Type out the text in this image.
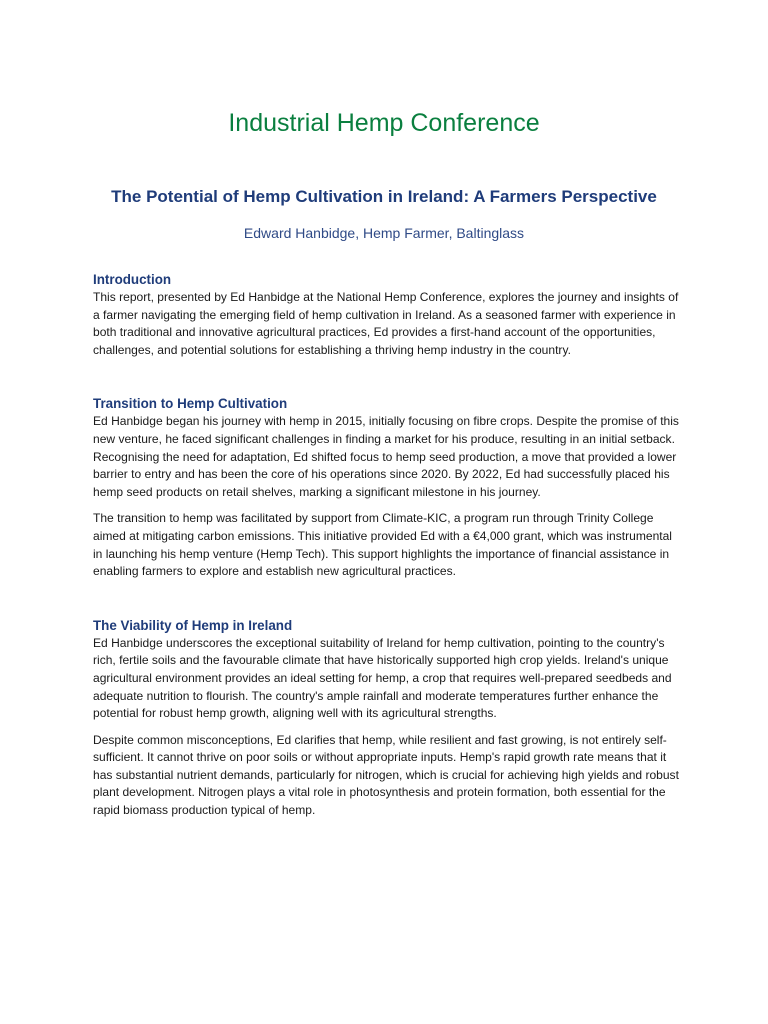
Industrial Hemp Conference
The Potential of Hemp Cultivation in Ireland: A Farmers Perspective
Edward Hanbidge, Hemp Farmer, Baltinglass
Introduction

This report, presented by Ed Hanbidge at the National Hemp Conference, explores the journey and insights of a farmer navigating the emerging field of hemp cultivation in Ireland. As a seasoned farmer with experience in both traditional and innovative agricultural practices, Ed provides a first-hand account of the opportunities, challenges, and potential solutions for establishing a thriving hemp industry in the country.

Transition to Hemp Cultivation

Ed Hanbidge began his journey with hemp in 2015, initially focusing on fibre crops. Despite the promise of this new venture, he faced significant challenges in finding a market for his produce, resulting in an initial setback. Recognising the need for adaptation, Ed shifted focus to hemp seed production, a move that provided a lower barrier to entry and has been the core of his operations since 2020. By 2022, Ed had successfully placed his hemp seed products on retail shelves, marking a significant milestone in his journey.

The transition to hemp was facilitated by support from Climate-KIC, a program run through Trinity College aimed at mitigating carbon emissions. This initiative provided Ed with a €4,000 grant, which was instrumental in launching his hemp venture (Hemp Tech). This support highlights the importance of financial assistance in enabling farmers to explore and establish new agricultural practices.

The Viability of Hemp in Ireland

Ed Hanbidge underscores the exceptional suitability of Ireland for hemp cultivation, pointing to the country's rich, fertile soils and the favourable climate that have historically supported high crop yields. Ireland's unique agricultural environment provides an ideal setting for hemp, a crop that requires well-prepared seedbeds and adequate nutrition to flourish. The country's ample rainfall and moderate temperatures further enhance the potential for robust hemp growth, aligning well with its agricultural strengths.

Despite common misconceptions, Ed clarifies that hemp, while resilient and fast growing, is not entirely self-sufficient. It cannot thrive on poor soils or without appropriate inputs. Hemp's rapid growth rate means that it has substantial nutrient demands, particularly for nitrogen, which is crucial for achieving high yields and robust plant development. Nitrogen plays a vital role in photosynthesis and protein formation, both essential for the rapid biomass production typical of hemp.
